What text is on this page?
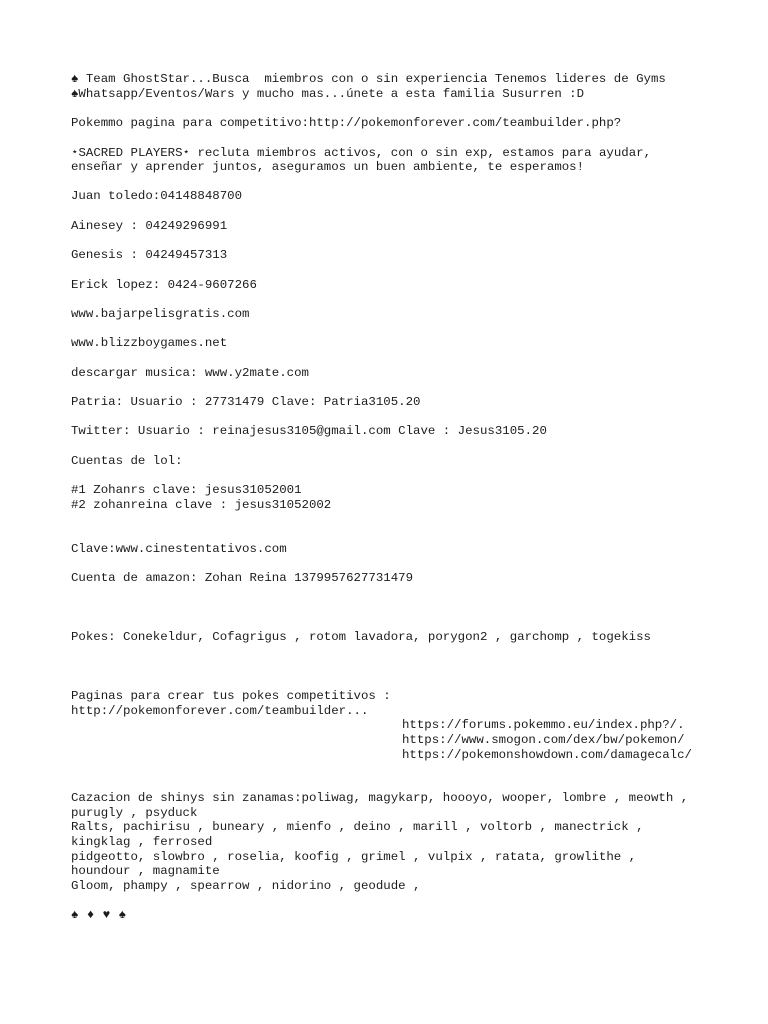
♠ Team GhostStar...Busca  miembros con o sin experiencia Tenemos lideres de Gyms

♠Whatsapp/Eventos/Wars y mucho mas...únete a esta familia Susurren :D

Pokemmo pagina para competitivo:http://pokemonforever.com/teambuilder.php?

⋆SACRED PLAYERS⋆ recluta miembros activos, con o sin exp, estamos para ayudar,

enseñar y aprender juntos, aseguramos un buen ambiente, te esperamos!

Juan toledo:04148848700

Ainesey : 04249296991

Genesis : 04249457313

Erick lopez: 0424-9607266

www.bajarpelisgratis.com

www.blizzboygames.net

descargar musica: www.y2mate.com

Patria: Usuario : 27731479 Clave: Patria3105.20

Twitter: Usuario : reinajesus3105@gmail.com Clave : Jesus3105.20

Cuentas de lol:

#1 Zohanrs clave: jesus31052001

#2 zohanreina clave : jesus31052002

Clave:www.cinestentativos.com

Cuenta de amazon: Zohan Reina 1379957627731479

Pokes: Conekeldur, Cofagrigus , rotom lavadora, porygon2 , garchomp , togekiss

Paginas para crear tus pokes competitivos :

http://pokemonforever.com/teambuilder...

https://forums.pokemmo.eu/index.php?/.

https://www.smogon.com/dex/bw/pokemon/

https://pokemonshowdown.com/damagecalc/

Cazacion de shinys sin zanamas:poliwag, magykarp, hoooyo, wooper, lombre , meowth ,

purugly , psyduck

Ralts, pachirisu , buneary , mienfo , deino , marill , voltorb , manectrick ,

kingklag , ferrosed

pidgeotto, slowbro , roselia, koofig , grimel , vulpix , ratata, growlithe ,

houndour , magnamite

Gloom, phampy , spearrow , nidorino , geodude ,

♠ ♦ ♥ ♠
